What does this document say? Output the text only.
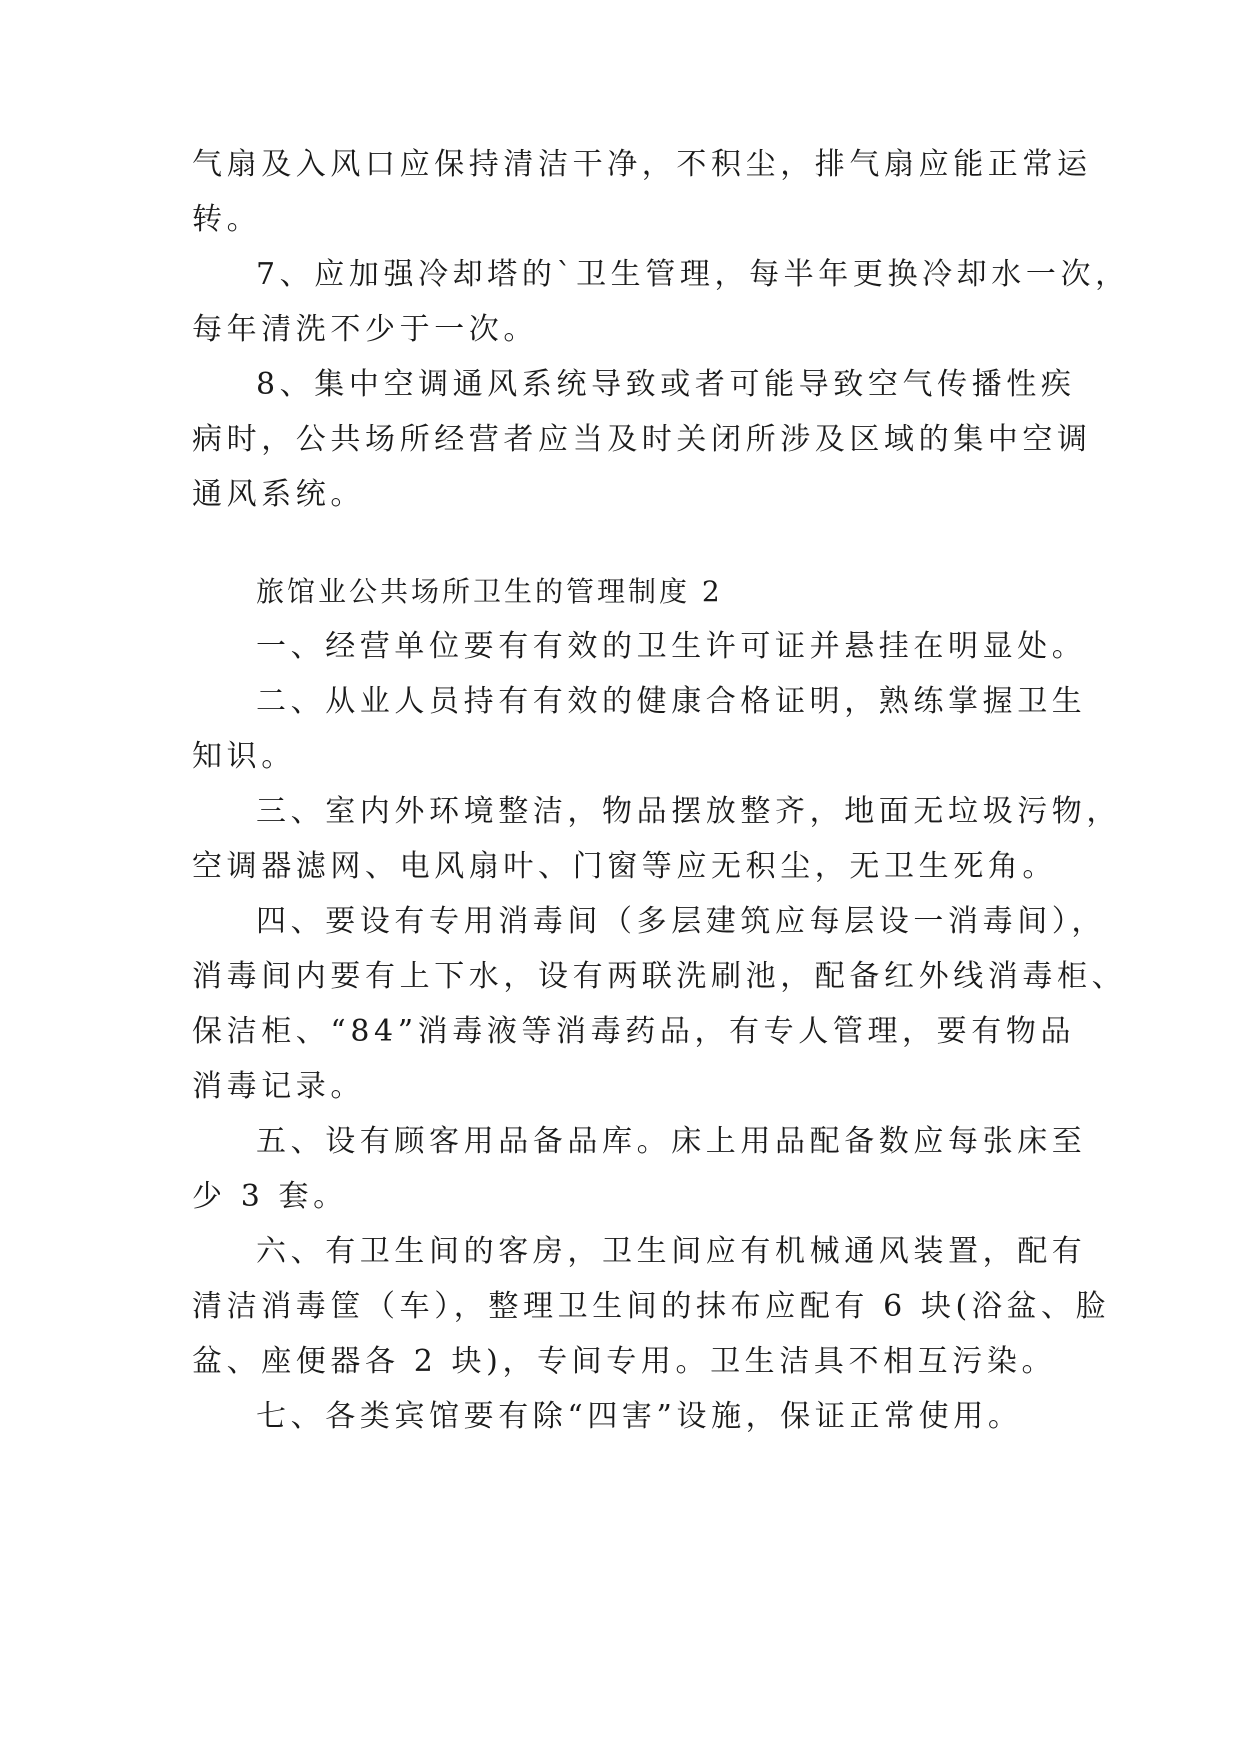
气扇及入风口应保持清洁干净，不积尘，排气扇应能正常运

转。

7、应加强冷却塔的`卫生管理，每半年更换冷却水一次，

每年清洗不少于一次。

8、集中空调通风系统导致或者可能导致空气传播性疾

病时，公共场所经营者应当及时关闭所涉及区域的集中空调

通风系统。

旅馆业公共场所卫生的管理制度 2

一、经营单位要有有效的卫生许可证并悬挂在明显处。

二、从业人员持有有效的健康合格证明，熟练掌握卫生

知识。

三、室内外环境整洁，物品摆放整齐，地面无垃圾污物，

空调器滤网、电风扇叶、门窗等应无积尘，无卫生死角。

四、要设有专用消毒间（多层建筑应每层设一消毒间），

消毒间内要有上下水，设有两联洗刷池，配备红外线消毒柜、

保洁柜、“84”消毒液等消毒药品，有专人管理，要有物品

消毒记录。

五、设有顾客用品备品库。床上用品配备数应每张床至

少 3 套。

六、有卫生间的客房，卫生间应有机械通风装置，配有

清洁消毒筐（车），整理卫生间的抹布应配有 6 块(浴盆、脸

盆、座便器各 2 块)，专间专用。卫生洁具不相互污染。

七、各类宾馆要有除“四害”设施，保证正常使用。
